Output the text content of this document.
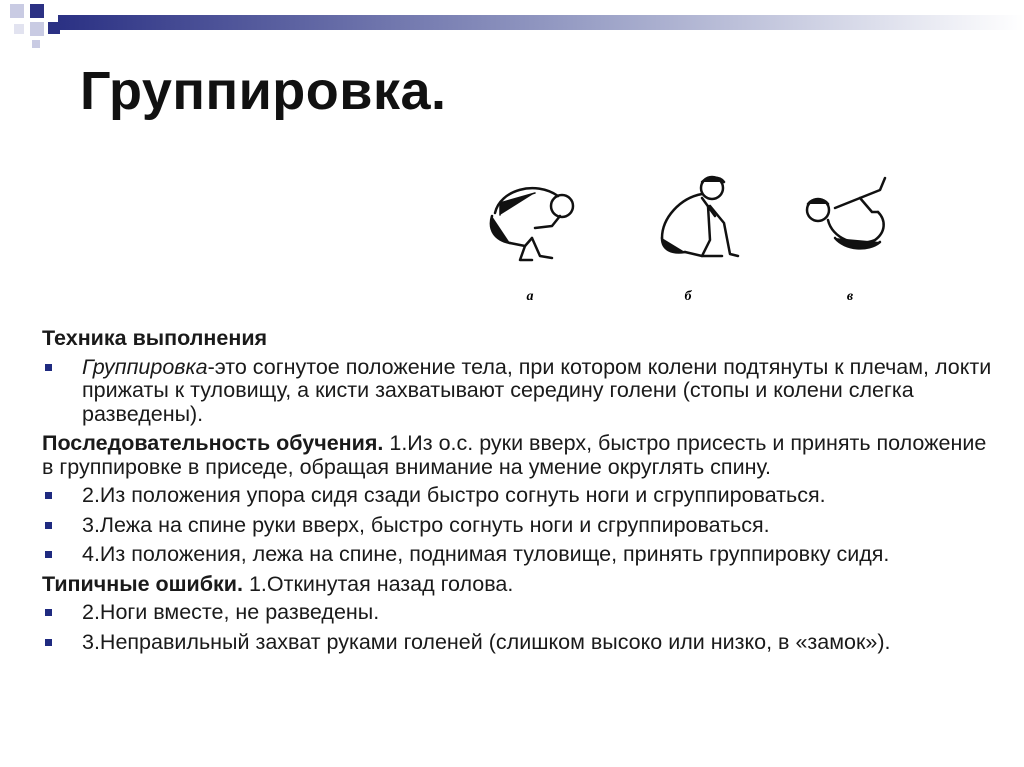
Группировка.
а	б	в

Техника выполнения

Группировка-это согнутое положение тела, при котором колени подтянуты к плечам, локти прижаты к туловищу, а кисти захватывают середину голени (стопы и колени слегка разведены).

Последовательность обучения. 1.Из о.с. руки вверх, быстро присесть и принять положение в группировке в приседе, обращая внимание на умение округлять спину.

2.Из положения упора сидя сзади быстро согнуть ноги и сгруппироваться.

3.Лежа на спине руки вверх, быстро согнуть ноги и сгруппироваться.

4.Из положения, лежа на спине, поднимая туловище, принять группировку сидя.

Типичные ошибки. 1.Откинутая назад голова.

2.Ноги вместе, не разведены.

3.Неправильный захват руками голеней (слишком высоко или низко, в «замок»).
